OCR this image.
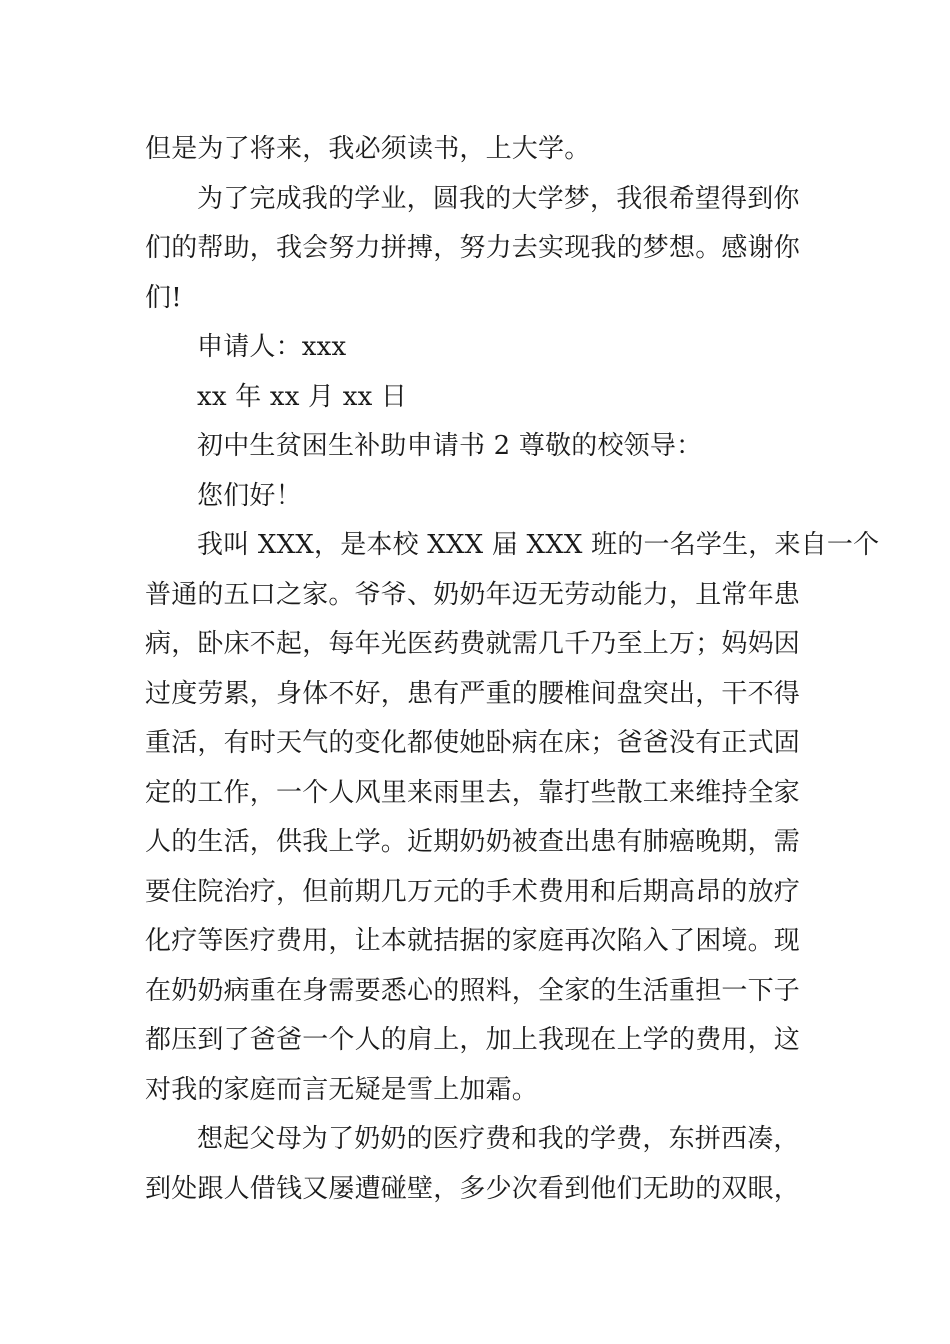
但是为了将来，我必须读书，上大学。
为了完成我的学业，圆我的大学梦，我很希望得到你
们的帮助，我会努力拼搏，努力去实现我的梦想。感谢你
们!
申请人：xxx
xx 年 xx 月 xx 日
初中生贫困生补助申请书 2 尊敬的校领导：
您们好！
我叫 XXX，是本校 XXX 届 XXX 班的一名学生，来自一个
普通的五口之家。爷爷、奶奶年迈无劳动能力，且常年患
病，卧床不起，每年光医药费就需几千乃至上万；妈妈因
过度劳累，身体不好，患有严重的腰椎间盘突出，干不得
重活，有时天气的变化都使她卧病在床；爸爸没有正式固
定的工作，一个人风里来雨里去，靠打些散工来维持全家
人的生活，供我上学。近期奶奶被查出患有肺癌晚期，需
要住院治疗，但前期几万元的手术费用和后期高昂的放疗
化疗等医疗费用，让本就拮据的家庭再次陷入了困境。现
在奶奶病重在身需要悉心的照料，全家的生活重担一下子
都压到了爸爸一个人的肩上，加上我现在上学的费用，这
对我的家庭而言无疑是雪上加霜。
想起父母为了奶奶的医疗费和我的学费，东拼西凑，
到处跟人借钱又屡遭碰壁，多少次看到他们无助的双眼，
